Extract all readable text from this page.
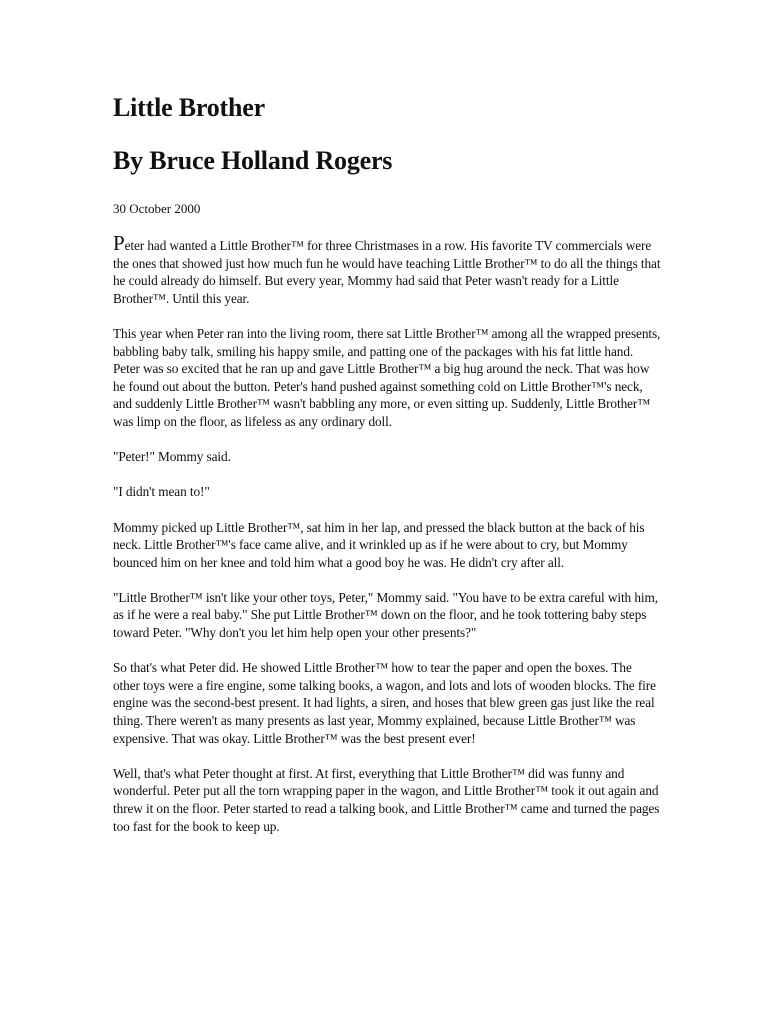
Little Brother
By Bruce Holland Rogers
30 October 2000

Peter had wanted a Little Brother™ for three Christmases in a row. His favorite TV commercials were the ones that showed just how much fun he would have teaching Little Brother™ to do all the things that he could already do himself. But every year, Mommy had said that Peter wasn't ready for a Little Brother™. Until this year.

This year when Peter ran into the living room, there sat Little Brother™ among all the wrapped presents, babbling baby talk, smiling his happy smile, and patting one of the packages with his fat little hand. Peter was so excited that he ran up and gave Little Brother™ a big hug around the neck. That was how he found out about the button. Peter's hand pushed against something cold on Little Brother™'s neck, and suddenly Little Brother™ wasn't babbling any more, or even sitting up. Suddenly, Little Brother™ was limp on the floor, as lifeless as any ordinary doll.

"Peter!" Mommy said.

"I didn't mean to!"

Mommy picked up Little Brother™, sat him in her lap, and pressed the black button at the back of his neck. Little Brother™'s face came alive, and it wrinkled up as if he were about to cry, but Mommy bounced him on her knee and told him what a good boy he was. He didn't cry after all.

"Little Brother™ isn't like your other toys, Peter," Mommy said. "You have to be extra careful with him, as if he were a real baby." She put Little Brother™ down on the floor, and he took tottering baby steps toward Peter. "Why don't you let him help open your other presents?"

So that's what Peter did. He showed Little Brother™ how to tear the paper and open the boxes. The other toys were a fire engine, some talking books, a wagon, and lots and lots of wooden blocks. The fire engine was the second-best present. It had lights, a siren, and hoses that blew green gas just like the real thing. There weren't as many presents as last year, Mommy explained, because Little Brother™ was expensive. That was okay. Little Brother™ was the best present ever!

Well, that's what Peter thought at first. At first, everything that Little Brother™ did was funny and wonderful. Peter put all the torn wrapping paper in the wagon, and Little Brother™ took it out again and threw it on the floor. Peter started to read a talking book, and Little Brother™ came and turned the pages too fast for the book to keep up.
